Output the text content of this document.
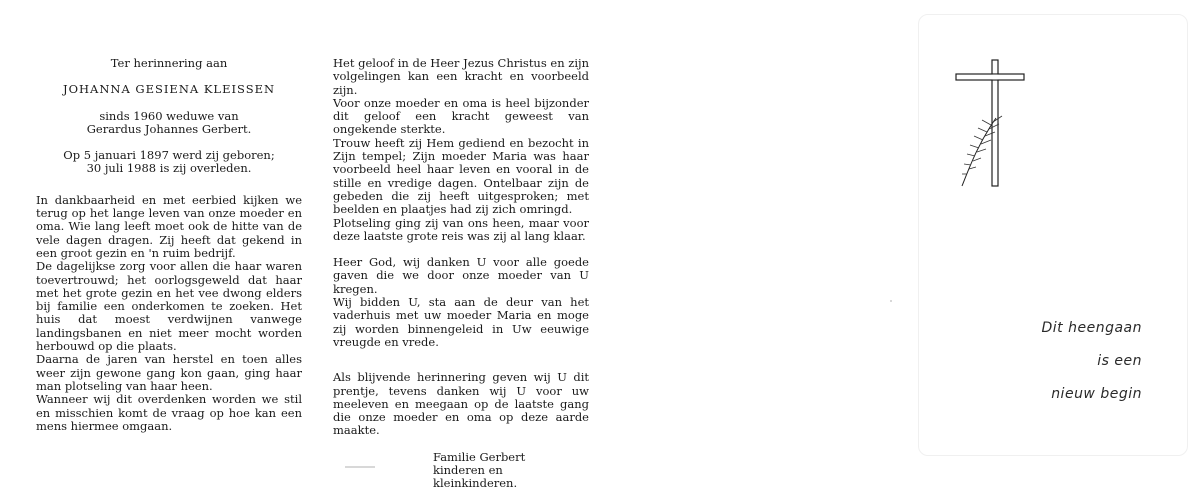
Ter herinnering aan

JOHANNA GESIENA KLEISSEN

sinds 1960 weduwe van

Gerardus Johannes Gerbert.

Op 5 januari 1897 werd zij geboren;

30 juli 1988 is zij overleden.

In dankbaarheid en met eerbied kijken we terug op het lange leven van onze moeder en oma. Wie lang leeft moet ook de hitte van de vele dagen dragen. Zij heeft dat gekend in een groot gezin en 'n ruim bedrijf.

De dagelijkse zorg voor allen die haar waren toevertrouwd; het oorlogsgeweld dat haar met het grote gezin en het vee dwong elders bij familie een onderkomen te zoeken. Het huis dat moest verdwijnen vanwege landingsbanen en niet meer mocht worden herbouwd op die plaats.

Daarna de jaren van herstel en toen alles weer zijn gewone gang kon gaan, ging haar man plotseling van haar heen.

Wanneer wij dit overdenken worden we stil en misschien komt de vraag op hoe kan een mens hiermee omgaan.

Het geloof in de Heer Jezus Christus en zijn volgelingen kan een kracht en voorbeeld zijn.

Voor onze moeder en oma is heel bijzonder dit geloof een kracht geweest van ongekende sterkte.

Trouw heeft zij Hem gediend en bezocht in Zijn tempel; Zijn moeder Maria was haar voorbeeld heel haar leven en vooral in de stille en vredige dagen. Ontelbaar zijn de gebeden die zij heeft uitgesproken; met beelden en plaatjes had zij zich omringd.

Plotseling ging zij van ons heen, maar voor deze laatste grote reis was zij al lang klaar.

Heer God, wij danken U voor alle goede gaven die we door onze moeder van U kregen.

Wij bidden U, sta aan de deur van het vaderhuis met uw moeder Maria en moge zij worden binnengeleid in Uw eeuwige vreugde en vrede.

Als blijvende herinnering geven wij U dit prentje, tevens danken wij U voor uw meeleven en meegaan op de laatste gang die onze moeder en oma op deze aarde maakte.

Familie Gerbert

kinderen en kleinkinderen.

Dit heengaan
is een
nieuw begin
